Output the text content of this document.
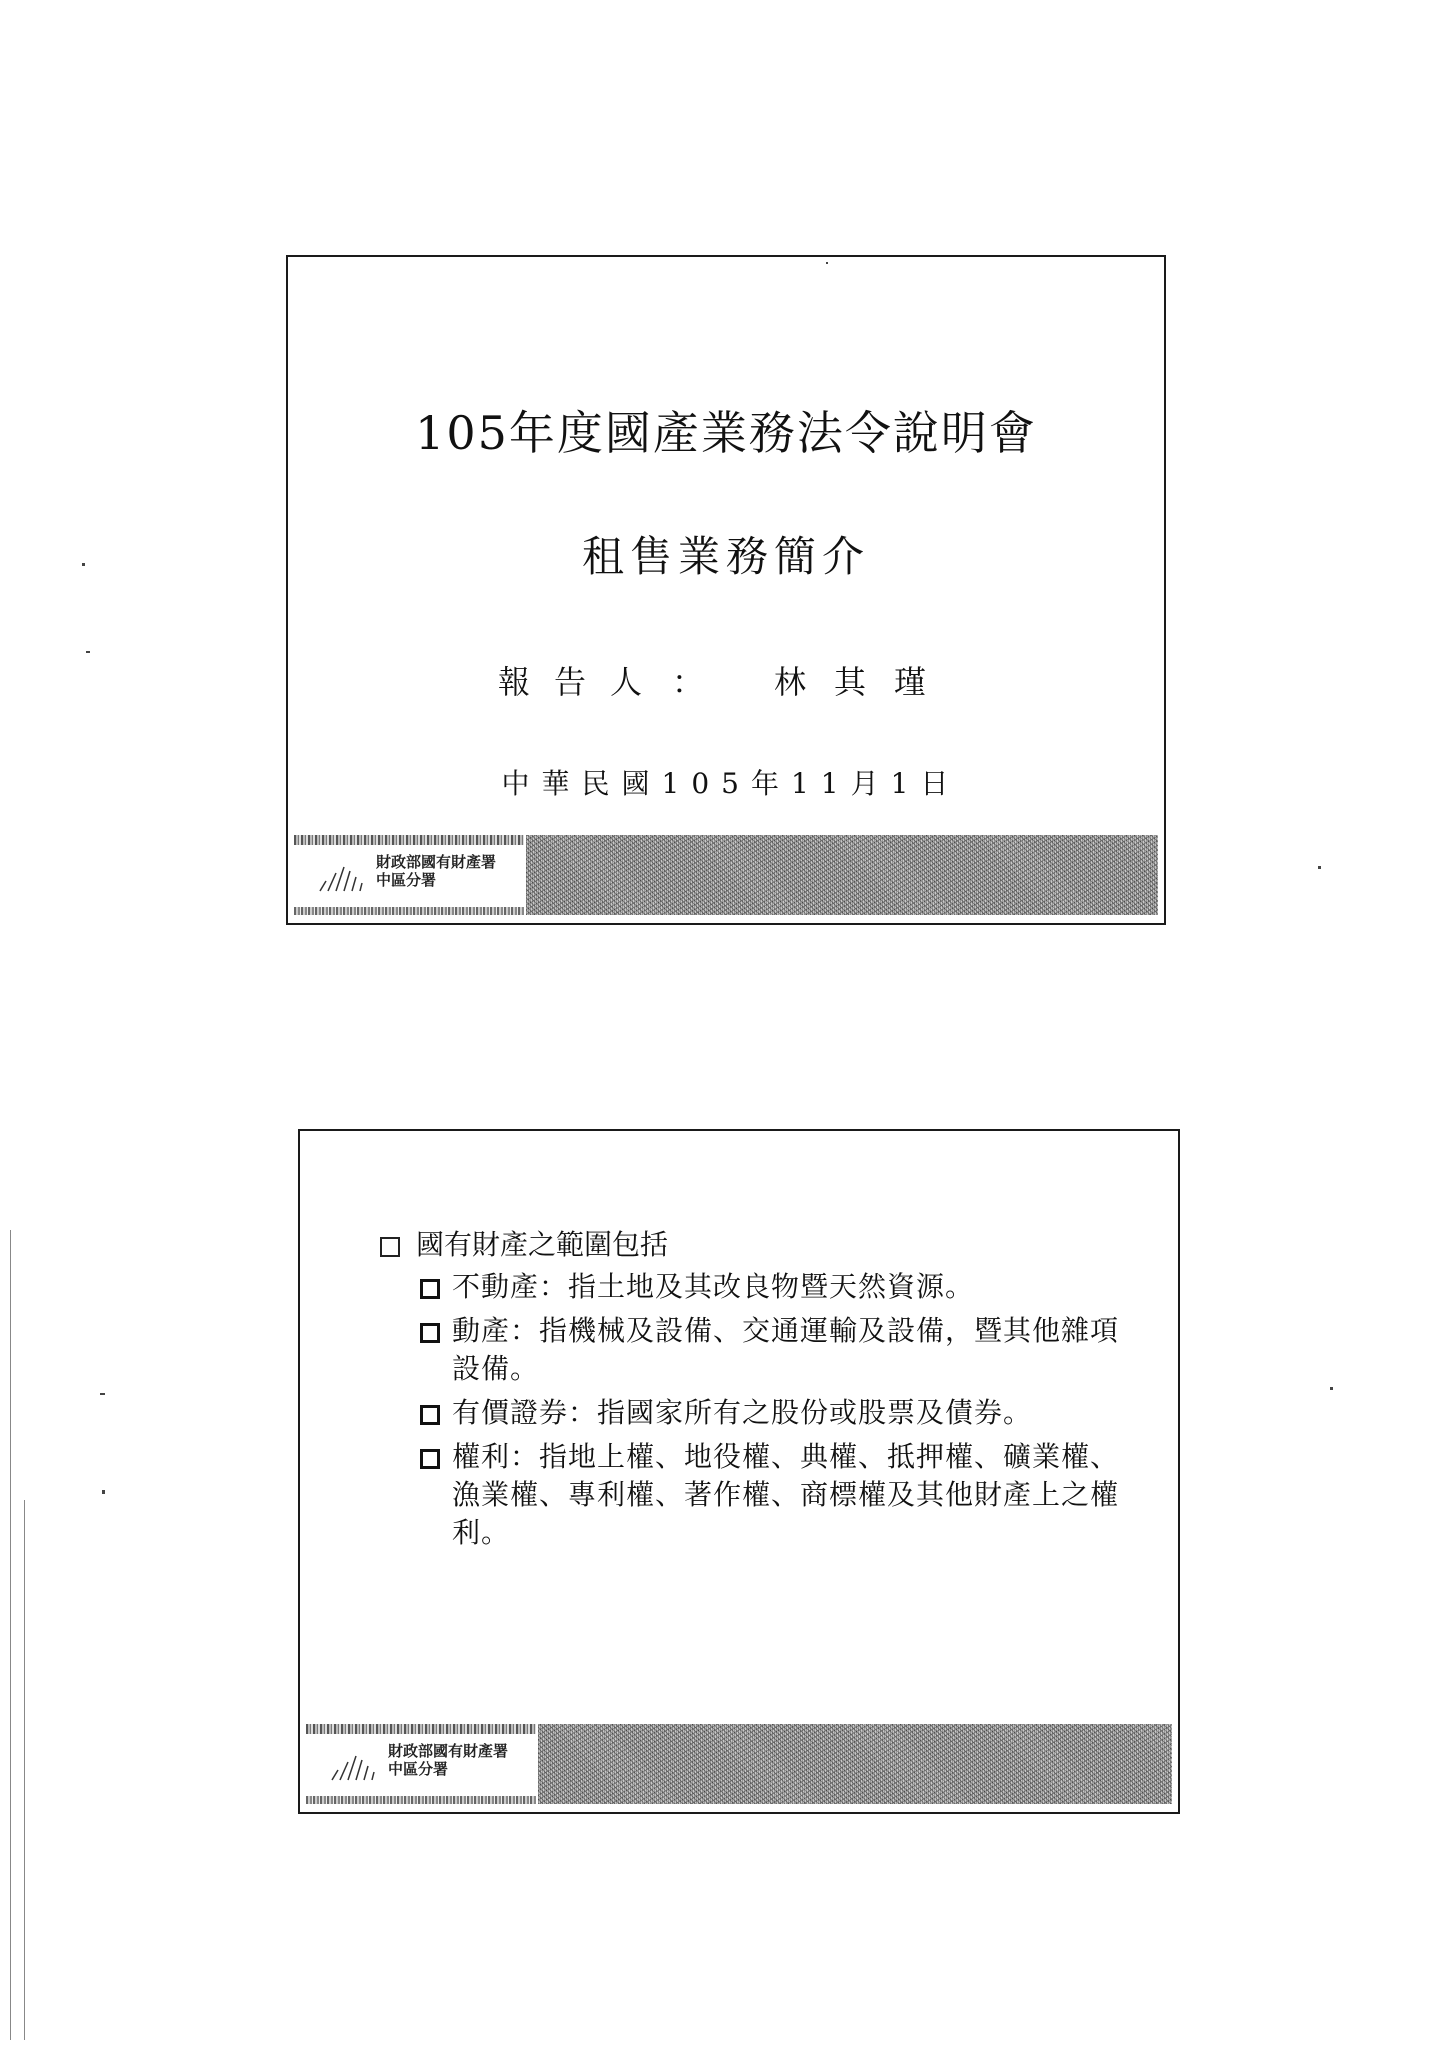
105年度國產業務法令說明會
租售業務簡介
報告人 ： 林其瑾
中華民國105年11月1日
財政部國有財產署
中區分署
國有財產之範圍包括
不動產：指土地及其改良物暨天然資源。
動產：指機械及設備、交通運輸及設備，暨其他雜項設備。
有價證券：指國家所有之股份或股票及債券。
權利：指地上權、地役權、典權、抵押權、礦業權、漁業權、專利權、著作權、商標權及其他財產上之權利。
財政部國有財產署
中區分署
